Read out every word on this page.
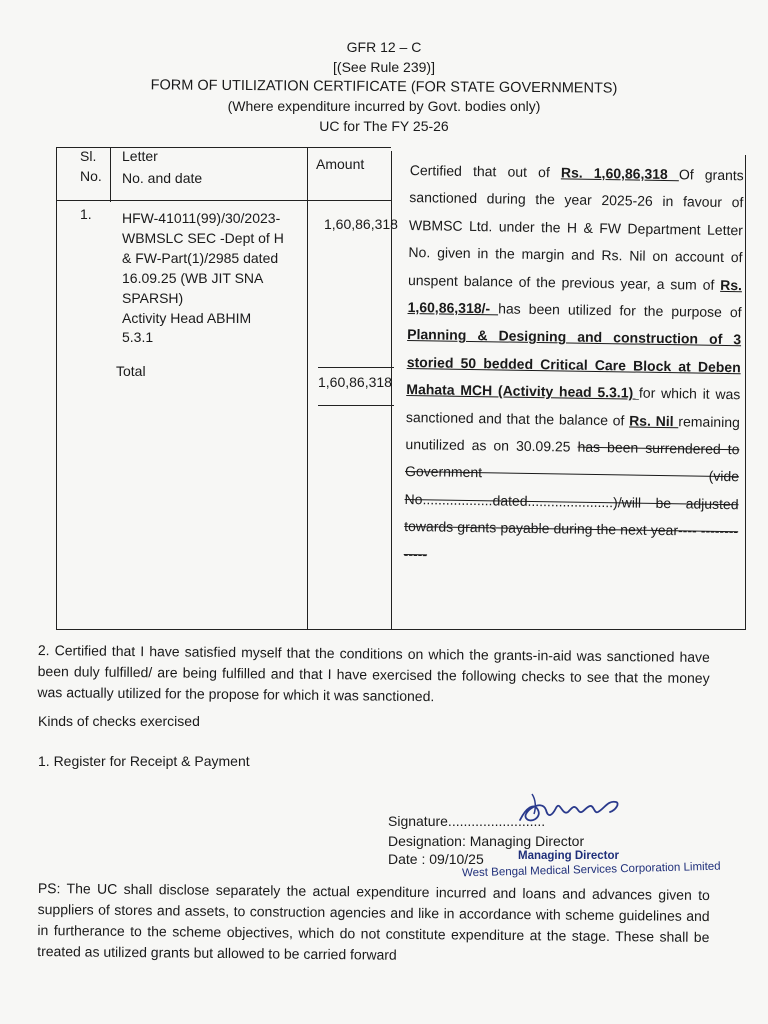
GFR 12 – C
[(See Rule 239)]
FORM OF UTILIZATION CERTIFICATE (FOR STATE GOVERNMENTS)
(Where expenditure incurred by Govt. bodies only)
UC for The FY 25-26
Sl.
No.
Letter
No. and date
Amount
1. HFW-41011(99)/30/2023-
WBMSLC SEC -Dept of H
& FW-Part(1)/2985 dated
16.09.25 (WB JIT SNA
SPARSH)
Activity Head ABHIM
5.3.1
1,60,86,318
Total
1,60,86,318

Certified that out of Rs. 1,60,86,318 Of grants sanctioned during the year 2025-26 in favour of WBMSC Ltd. under the H & FW Department Letter No. given in the margin and Rs. Nil on account of unspent balance of the previous year, a sum of Rs. 1,60,86,318/- has been utilized for the purpose of Planning & Designing and construction of 3 storied 50 bedded Critical Care Block at Deben Mahata MCH (Activity head 5.3.1) for which it was sanctioned and that the balance of Rs. Nil remaining unutilized as on 30.09.25 has been surrendered to Government (vide No..................dated......................)/will be adjusted towards grants payable during the next year---- -------------

2. Certified that I have satisfied myself that the conditions on which the grants-in-aid was sanctioned have been duly fulfilled/ are being fulfilled and that I have exercised the following checks to see that the money was actually utilized for the propose for which it was sanctioned.
Kinds of checks exercised
1. Register for Receipt & Payment
Signature.........................
Designation: Managing Director
Date : 09/10/25	Managing Director
West Bengal Medical Services Corporation Limited
PS: The UC shall disclose separately the actual expenditure incurred and loans and advances given to suppliers of stores and assets, to construction agencies and like in accordance with scheme guidelines and in furtherance to the scheme objectives, which do not constitute expenditure at the stage. These shall be treated as utilized grants but allowed to be carried forward
